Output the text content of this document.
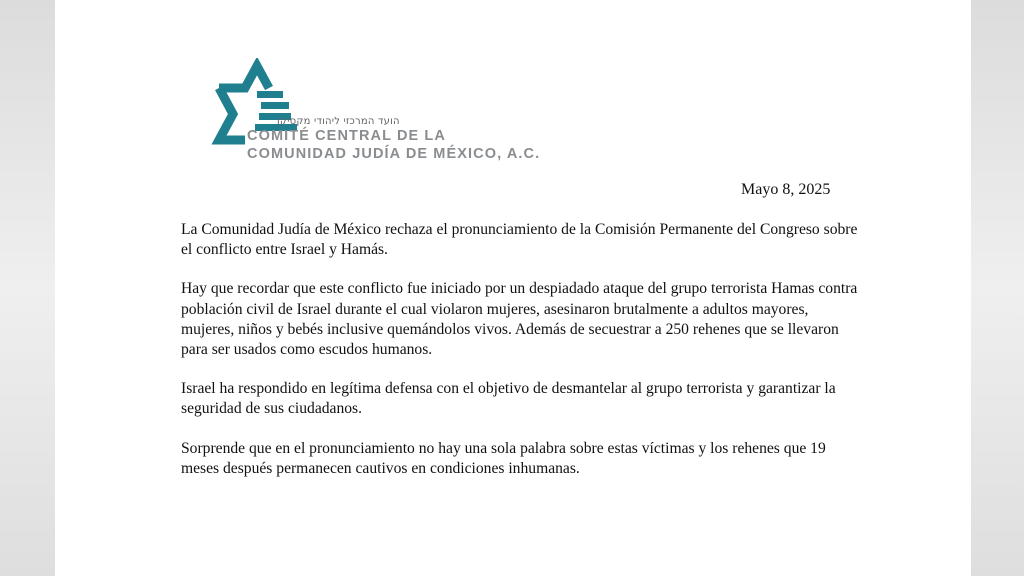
הועד המרכזי ליהודי מקסיקו
COMITÉ CENTRAL DE LA
COMUNIDAD JUDÍA DE MÉXICO, A.C.
Mayo 8, 2025

La Comunidad Judía de México rechaza el pronunciamiento de la Comisión Permanente del Congreso sobre el conflicto entre Israel y Hamás.

Hay que recordar que este conflicto fue iniciado por un despiadado ataque del grupo terrorista Hamas contra población civil de Israel durante el cual violaron mujeres, asesinaron brutalmente a adultos mayores, mujeres, niños y bebés inclusive quemándolos vivos. Además de secuestrar a 250 rehenes que se llevaron para ser usados como escudos humanos.

Israel ha respondido en legítima defensa con el objetivo de desmantelar al grupo terrorista y garantizar la seguridad de sus ciudadanos.

Sorprende que en el pronunciamiento no hay una sola palabra sobre estas víctimas y los rehenes que 19 meses después permanecen cautivos en condiciones inhumanas.
